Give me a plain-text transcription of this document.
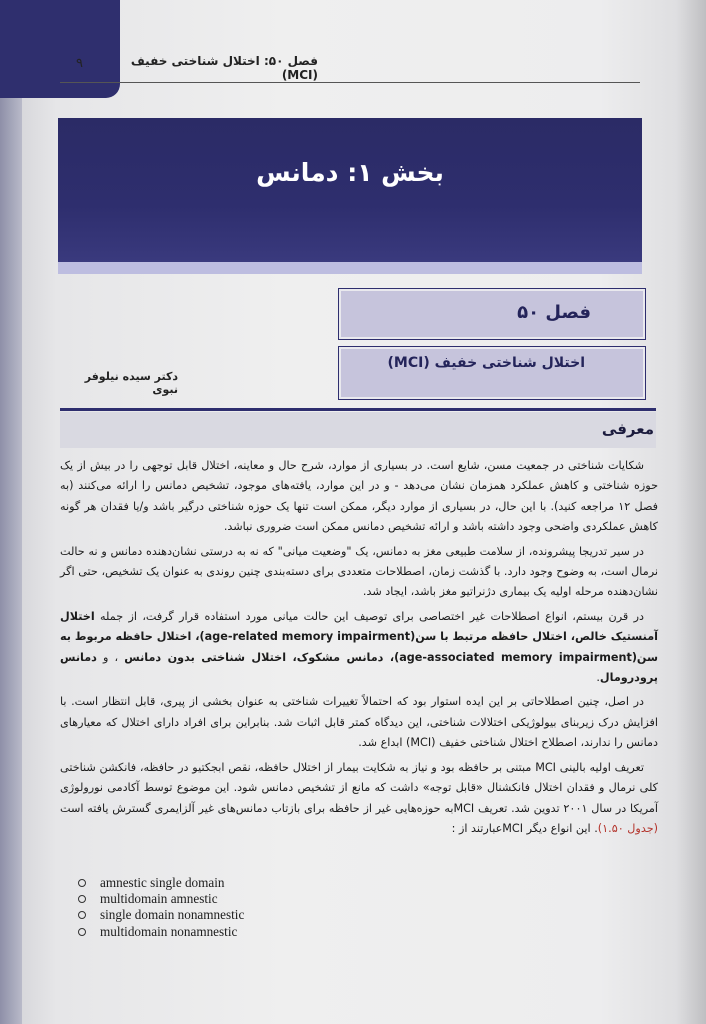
۹	فصل ۵۰: اختلال شناختی خفیف (MCI)
بخش ۱: دمانس
فصل ۵۰
اختلال شناختی خفیف (MCI)
دکتر سیده نیلوفر نبوی
معرفی

شکایات شناختی در جمعیت مسن، شایع است. در بسیاری از موارد، شرح حال و معاینه، اختلال قابل توجهی را در بیش از یک حوزه شناختی و کاهش عملکرد همزمان نشان می‌دهد - و در این موارد، یافته‌های موجود، تشخیص دمانس را ارائه می‌کنند (به فصل ۱۲ مراجعه کنید). با این حال، در بسیاری از موارد دیگر، ممکن است تنها یک حوزه شناختی درگیر باشد و/یا فقدان هر گونه کاهش عملکردی واضحی وجود داشته باشد و ارائه تشخیص دمانس ممکن است ضروری نباشد.

در سیر تدریجا پیشرونده، از سلامت طبیعی مغز به دمانس، یک "وضعیت میانی" که نه به درستی نشان‌دهنده دمانس و نه حالت نرمال است، به وضوح وجود دارد. با گذشت زمان، اصطلاحات متعددی برای دسته‌بندی چنین روندی به عنوان یک تشخیص، حتی اگر نشان‌دهنده مرحله اولیه یک بیماری دژنراتیو مغز باشد، ایجاد شد.

در قرن بیستم، انواع اصطلاحات غیر اختصاصی برای توصیف این حالت میانی مورد استفاده قرار گرفت، از جمله اختلال آمنستیک خالص، اختلال حافظه مرتبط با سن(age-related memory impairment)، اختلال حافظه مربوط به سن(age-associated memory impairment)، دمانس مشکوک، اختلال شناختی بدون دمانس ، و دمانس پرودرومال.

در اصل، چنین اصطلاحاتی بر این ایده استوار بود که احتمالاً تغییرات شناختی به عنوان بخشی از پیری، قابل انتظار است. با افزایش درک زیربنای بیولوژیکی اختلالات شناختی، این دیدگاه کمتر قابل اثبات شد. بنابراین برای افراد دارای اختلال که معیارهای دمانس را ندارند، اصطلاح اختلال شناختی خفیف (MCI) ابداع شد.

تعریف اولیه بالینی MCI مبتنی بر حافظه بود و نیاز به شکایت بیمار از اختلال حافظه، نقص ابجکتیو در حافظه، فانکشن شناختی کلی نرمال و فقدان اختلال فانکشنال «قابل توجه» داشت که مانع از تشخیص دمانس شود. این موضوع توسط آکادمی نورولوژی آمریکا در سال ۲۰۰۱ تدوین شد. تعریف MCIبه حوزه‌هایی غیر از حافظه برای بازتاب دمانس‌های غیر آلزایمری گسترش یافته است (جدول ۱.۵۰). این انواع دیگر MCIعبارتند از :

amnestic single domain
multidomain amnestic
single domain nonamnestic
multidomain nonamnestic
